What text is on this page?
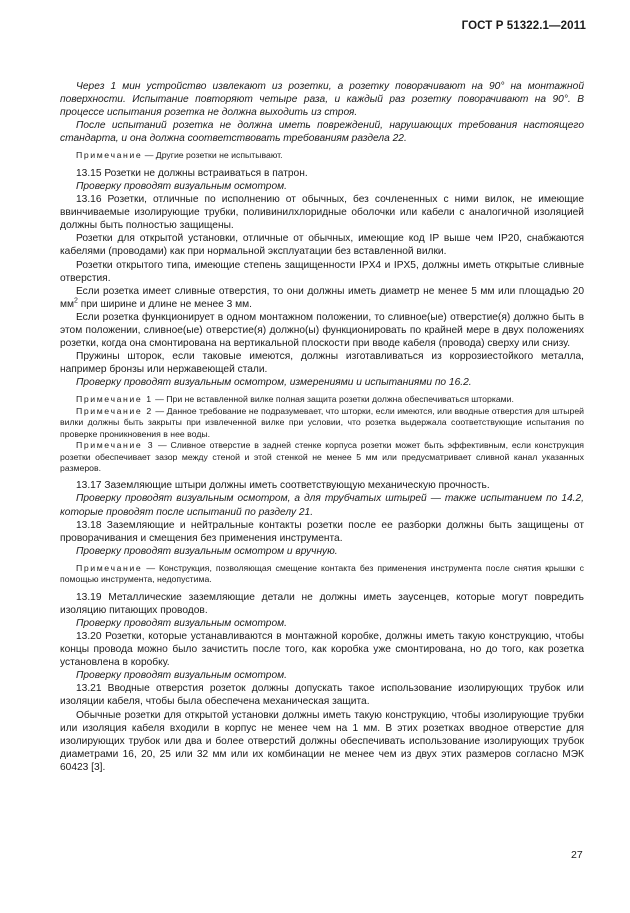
ГОСТ Р 51322.1—2011

Через 1 мин устройство извлекают из розетки, а розетку поворачивают на 90° на монтажной поверхности. Испытание повторяют четыре раза, и каждый раз розетку поворачивают на 90°. В процессе испытания розетка не должна выходить из строя.

После испытаний розетка не должна иметь повреждений, нарушающих требования настоящего стандарта, и она должна соответствовать требованиям раздела 22.

Примечание — Другие розетки не испытывают.

13.15 Розетки не должны встраиваться в патрон.

Проверку проводят визуальным осмотром.

13.16 Розетки, отличные по исполнению от обычных, без сочлененных с ними вилок, не имеющие ввинчиваемые изолирующие трубки, поливинилхлоридные оболочки или кабели с аналогичной изоляцией должны быть полностью защищены.

Розетки для открытой установки, отличные от обычных, имеющие код IP выше чем IP20, снабжаются кабелями (проводами) как при нормальной эксплуатации без вставленной вилки.

Розетки открытого типа, имеющие степень защищенности IPX4 и IPX5, должны иметь открытые сливные отверстия.

Если розетка имеет сливные отверстия, то они должны иметь диаметр не менее 5 мм или площадью 20 $мм^2$ при ширине и длине не менее 3 мм.

Если розетка функционирует в одном монтажном положении, то сливное(ые) отверстие(я) должно быть в этом положении, сливное(ые) отверстие(я) должно(ы) функционировать по крайней мере в двух положениях розетки, когда она смонтирована на вертикальной плоскости при вводе кабеля (провода) сверху или снизу.

Пружины шторок, если таковые имеются, должны изготавливаться из коррозиестойкого металла, например бронзы или нержавеющей стали.

Проверку проводят визуальным осмотром, измерениями и испытаниями по 16.2.

Примечание 1 — При не вставленной вилке полная защита розетки должна обеспечиваться шторками.

Примечание 2 — Данное требование не подразумевает, что шторки, если имеются, или вводные отверстия для штырей вилки должны быть закрыты при извлеченной вилке при условии, что розетка выдержала соответствующие испытания по проверке проникновения в нее воды.

Примечание 3 — Сливное отверстие в задней стенке корпуса розетки может быть эффективным, если конструкция розетки обеспечивает зазор между стеной и этой стенкой не менее 5 мм или предусматривает сливной канал указанных размеров.

13.17 Заземляющие штыри должны иметь соответствующую механическую прочность.

Проверку проводят визуальным осмотром, а для трубчатых штырей — также испытанием по 14.2, которые проводят после испытаний по разделу 21.

13.18 Заземляющие и нейтральные контакты розетки после ее разборки должны быть защищены от проворачивания и смещения без применения инструмента.

Проверку проводят визуальным осмотром и вручную.

Примечание — Конструкция, позволяющая смещение контакта без применения инструмента после снятия крышки с помощью инструмента, недопустима.

13.19 Металлические заземляющие детали не должны иметь заусенцев, которые могут повредить изоляцию питающих проводов.

Проверку проводят визуальным осмотром.

13.20 Розетки, которые устанавливаются в монтажной коробке, должны иметь такую конструкцию, чтобы концы провода можно было зачистить после того, как коробка уже смонтирована, но до того, как розетка установлена в коробку.

Проверку проводят визуальным осмотром.

13.21 Вводные отверстия розеток должны допускать такое использование изолирующих трубок или изоляции кабеля, чтобы была обеспечена механическая защита.

Обычные розетки для открытой установки должны иметь такую конструкцию, чтобы изолирующие трубки или изоляция кабеля входили в корпус не менее чем на 1 мм. В этих розетках вводное отверстие для изолирующих трубок или два и более отверстий должны обеспечивать использование изолирующих трубок диаметрами 16, 20, 25 или 32 мм или их комбинации не менее чем из двух этих размеров согласно МЭК 60423 [3].

27
